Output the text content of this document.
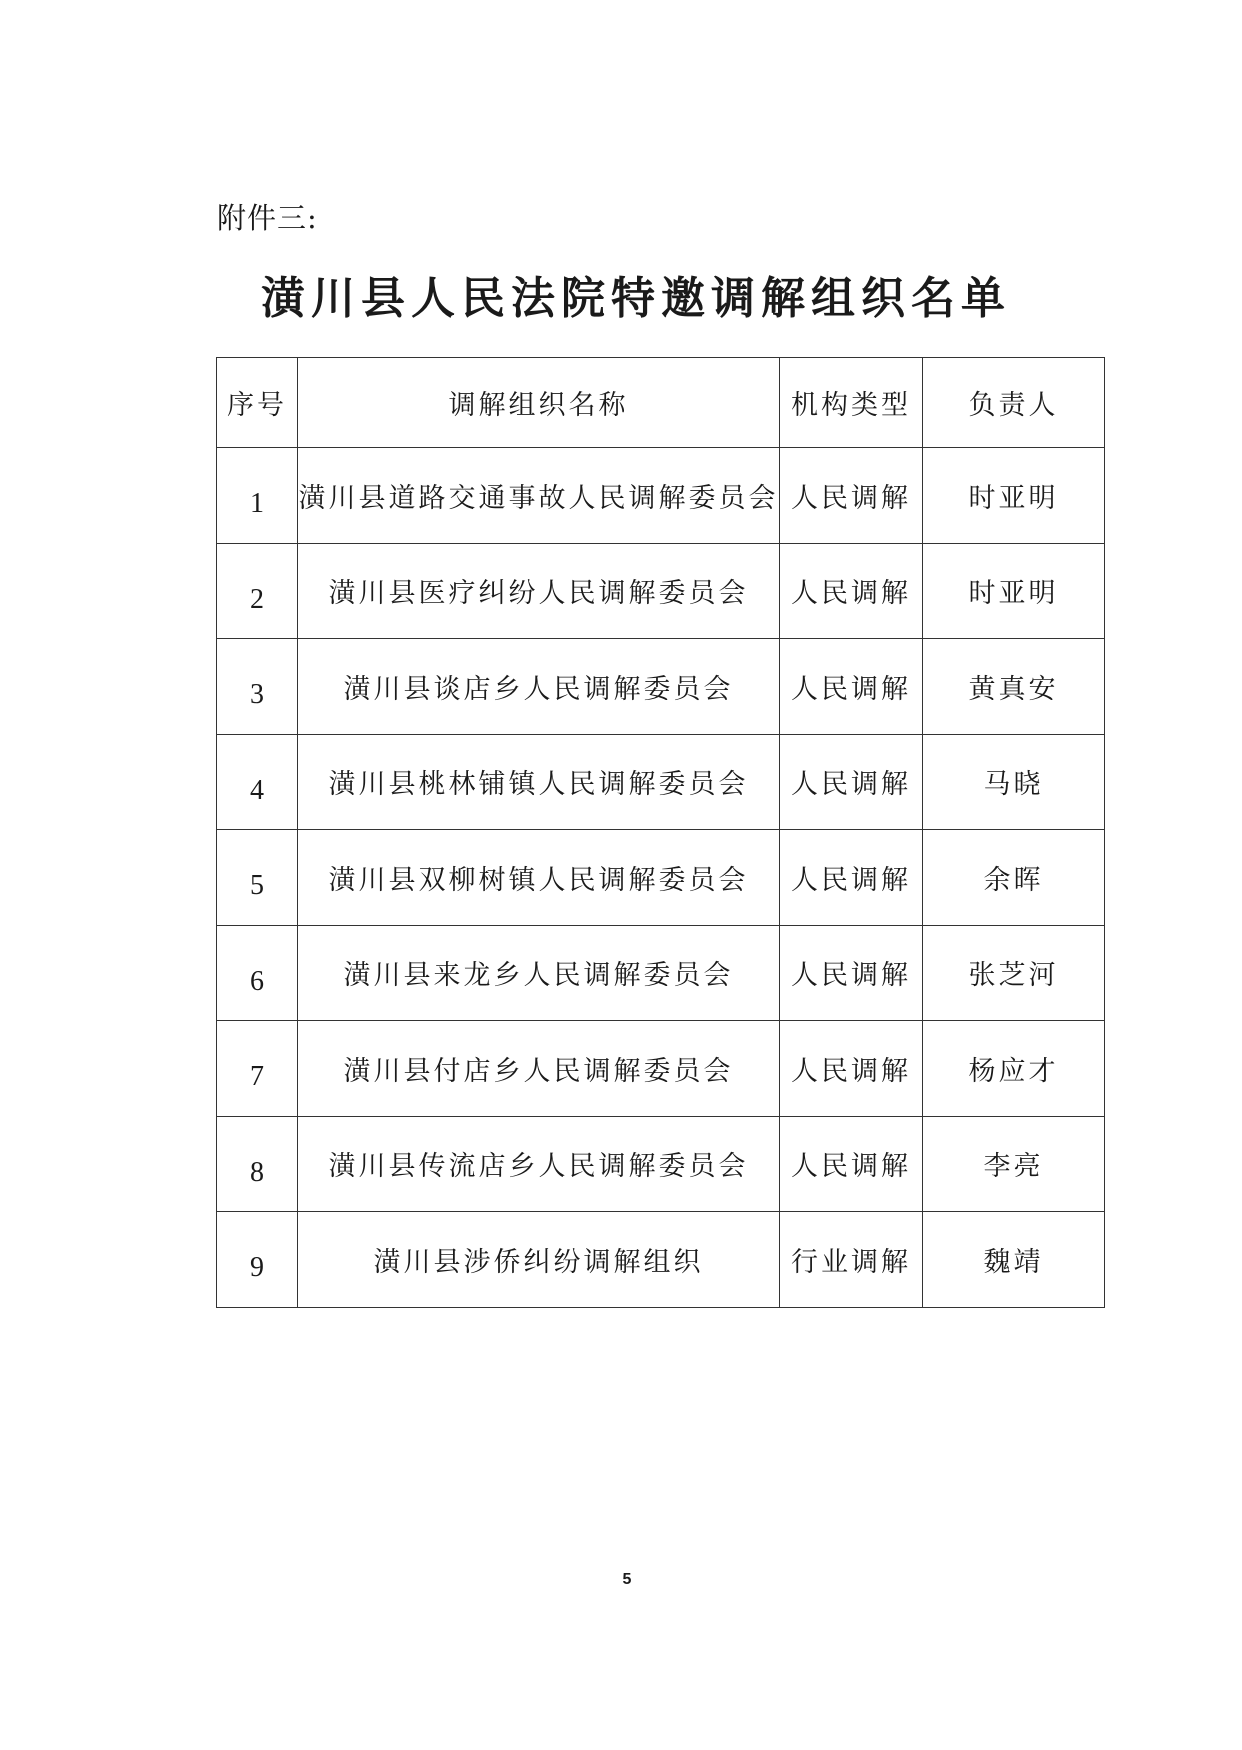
附件三:
潢川县人民法院特邀调解组织名单
序号	调解组织名称	机构类型	负责人
1	潢川县道路交通事故人民调解委员会	人民调解	时亚明
2	潢川县医疗纠纷人民调解委员会	人民调解	时亚明
3	潢川县谈店乡人民调解委员会	人民调解	黄真安
4	潢川县桃林铺镇人民调解委员会	人民调解	马晓
5	潢川县双柳树镇人民调解委员会	人民调解	余晖
6	潢川县来龙乡人民调解委员会	人民调解	张芝河
7	潢川县付店乡人民调解委员会	人民调解	杨应才
8	潢川县传流店乡人民调解委员会	人民调解	李亮
9	潢川县涉侨纠纷调解组织	行业调解	魏靖
5
